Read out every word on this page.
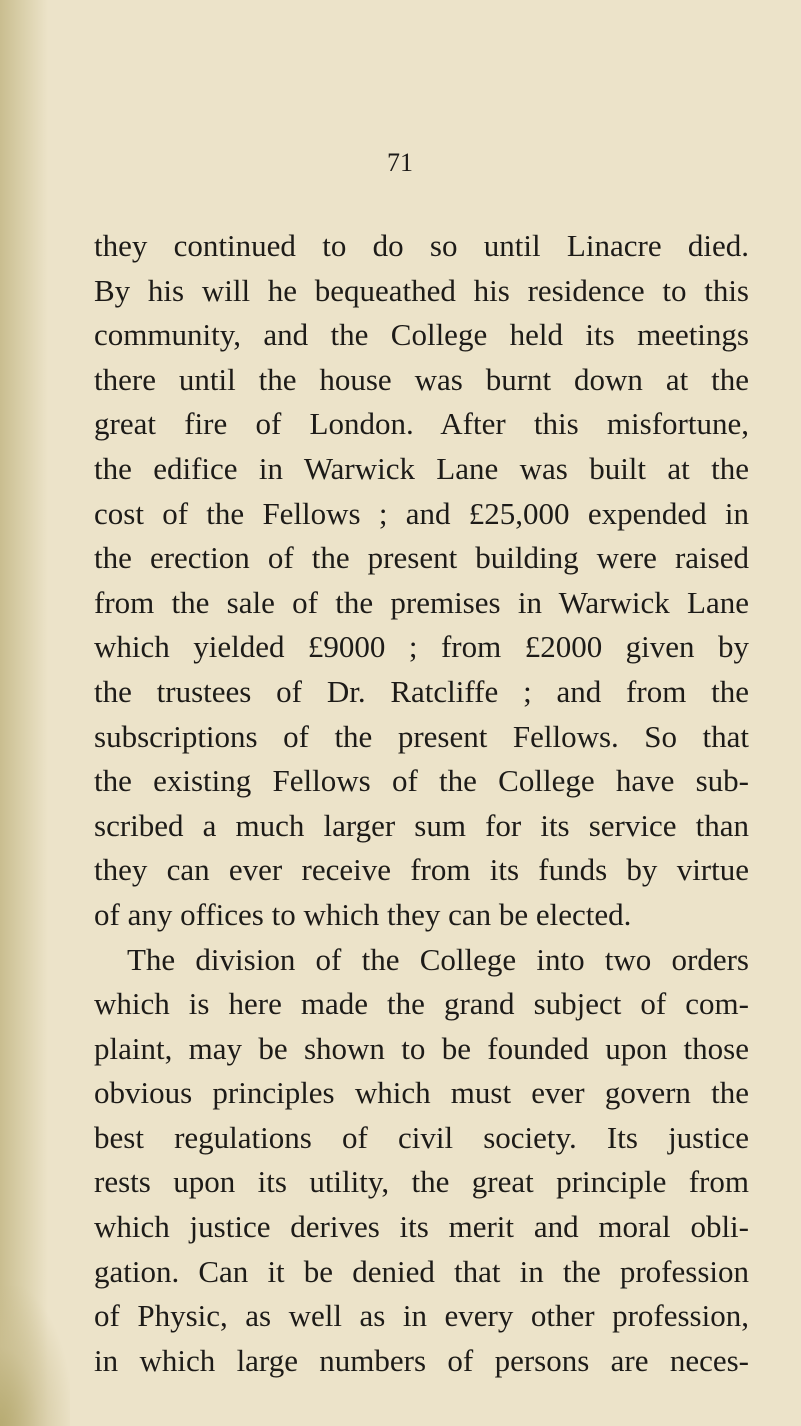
71
they continued to do so until Linacre died.
By his will he bequeathed his residence to this
community, and the College held its meetings
there until the house was burnt down at the
great fire of London. After this misfortune,
the edifice in Warwick Lane was built at the
cost of the Fellows ; and £25,000 expended in
the erection of the present building were raised
from the sale of the premises in Warwick Lane
which yielded £9000 ; from £2000 given by
the trustees of Dr. Ratcliffe ; and from the
subscriptions of the present Fellows. So that
the existing Fellows of the College have sub-
scribed a much larger sum for its service than
they can ever receive from its funds by virtue
of any offices to which they can be elected.
The division of the College into two orders
which is here made the grand subject of com-
plaint, may be shown to be founded upon those
obvious principles which must ever govern the
best regulations of civil society. Its justice
rests upon its utility, the great principle from
which justice derives its merit and moral obli-
gation. Can it be denied that in the profession
of Physic, as well as in every other profession,
in which large numbers of persons are neces-
